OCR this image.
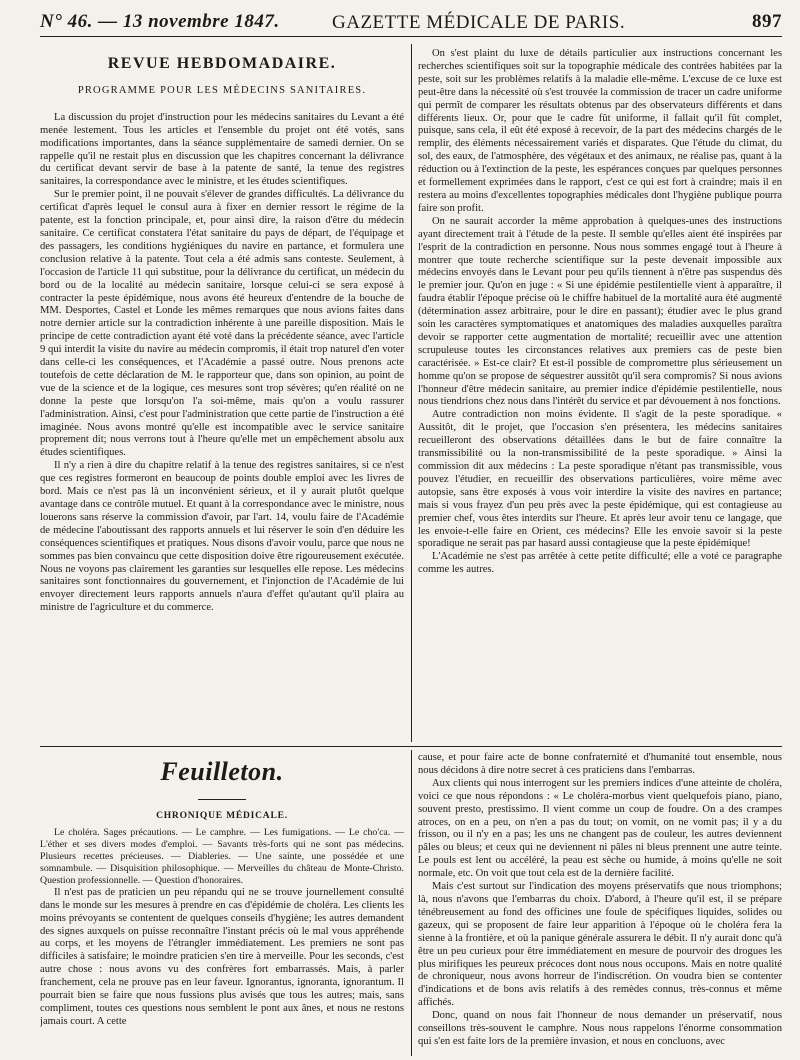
N° 46. — 13 novembre 1847.	GAZETTE MÉDICALE DE PARIS.	897
REVUE HEBDOMADAIRE.
PROGRAMME POUR LES MÉDECINS SANITAIRES.

La discussion du projet d'instruction pour les médecins sanitaires du Levant a été menée lestement. Tous les articles et l'ensemble du projet ont été votés, sans modifications importantes, dans la séance supplémentaire de samedi dernier. On se rappelle qu'il ne restait plus en discussion que les chapitres concernant la délivrance du certificat devant servir de base à la patente de santé, la tenue des registres sanitaires, la correspondance avec le ministre, et les études scientifiques.

Sur le premier point, il ne pouvait s'élever de grandes difficultés. La délivrance du certificat d'après lequel le consul aura à fixer en dernier ressort le régime de la patente, est la fonction principale, et, pour ainsi dire, la raison d'être du médecin sanitaire. Ce certificat constatera l'état sanitaire du pays de départ, de l'équipage et des passagers, les conditions hygiéniques du navire en partance, et formulera une conclusion relative à la patente. Tout cela a été admis sans conteste. Seulement, à l'occasion de l'article 11 qui substitue, pour la délivrance du certificat, un médecin du bord ou de la localité au médecin sanitaire, lorsque celui-ci se sera exposé à contracter la peste épidémique, nous avons été heureux d'entendre de la bouche de MM. Desportes, Castel et Londe les mêmes remarques que nous avions faites dans notre dernier article sur la contradiction inhérente à une pareille disposition. Mais le principe de cette contradiction ayant été voté dans la précédente séance, avec l'article 9 qui interdit la visite du navire au médecin compromis, il était trop naturel d'en voter dans celle-ci les conséquences, et l'Académie a passé outre. Nous prenons acte toutefois de cette déclaration de M. le rapporteur que, dans son opinion, au point de vue de la science et de la logique, ces mesures sont trop sévères; qu'en réalité on ne donne la peste que lorsqu'on l'a soi-même, mais qu'on a voulu rassurer l'administration. Ainsi, c'est pour l'administration que cette partie de l'instruction a été imaginée. Nous avons montré qu'elle est incompatible avec le service sanitaire proprement dit; nous verrons tout à l'heure qu'elle met un empêchement absolu aux études scientifiques.

Il n'y a rien à dire du chapitre relatif à la tenue des registres sanitaires, si ce n'est que ces registres formeront en beaucoup de points double emploi avec les livres de bord. Mais ce n'est pas là un inconvénient sérieux, et il y aurait plutôt quelque avantage dans ce contrôle mutuel. Et quant à la correspondance avec le ministre, nous louerons sans réserve la commission d'avoir, par l'art. 14, voulu faire de l'Académie de médecine l'aboutissant des rapports annuels et lui réserver le soin d'en déduire les conséquences scientifiques et pratiques. Nous disons d'avoir voulu, parce que nous ne sommes pas bien convaincu que cette disposition doive être rigoureusement exécutée. Nous ne voyons pas clairement les garanties sur lesquelles elle repose. Les médecins sanitaires sont fonctionnaires du gouvernement, et l'injonction de l'Académie de lui envoyer directement leurs rapports annuels n'aura d'effet qu'autant qu'il plaira au ministre de l'agriculture et du commerce.

On s'est plaint du luxe de détails particulier aux instructions concernant les recherches scientifiques soit sur la topographie médicale des contrées habitées par la peste, soit sur les problèmes relatifs à la maladie elle-même. L'excuse de ce luxe est peut-être dans la nécessité où s'est trouvée la commission de tracer un cadre uniforme qui permît de comparer les résultats obtenus par des observateurs différents et dans différents lieux. Or, pour que le cadre fût uniforme, il fallait qu'il fût complet, puisque, sans cela, il eût été exposé à recevoir, de la part des médecins chargés de le remplir, des éléments nécessairement variés et disparates. Que l'étude du climat, du sol, des eaux, de l'atmosphère, des végétaux et des animaux, ne réalise pas, quant à la réduction ou à l'extinction de la peste, les espérances conçues par quelques personnes et formellement exprimées dans le rapport, c'est ce qui est fort à craindre; mais il en restera au moins d'excellentes topographies médicales dont l'hygiène publique pourra faire son profit.

On ne saurait accorder la même approbation à quelques-unes des instructions ayant directement trait à l'étude de la peste. Il semble qu'elles aient été inspirées par l'esprit de la contradiction en personne. Nous nous sommes engagé tout à l'heure à montrer que toute recherche scientifique sur la peste devenait impossible aux médecins envoyés dans le Levant pour peu qu'ils tiennent à n'être pas suspendus dès le premier jour. Qu'on en juge : « Si une épidémie pestilentielle vient à apparaître, il faudra établir l'époque précise où le chiffre habituel de la mortalité aura été augmenté (détermination assez arbitraire, pour le dire en passant); étudier avec le plus grand soin les caractères symptomatiques et anatomiques des maladies auxquelles paraîtra devoir se rapporter cette augmentation de mortalité; recueillir avec une attention scrupuleuse toutes les circonstances relatives aux premiers cas de peste bien caractérisée. » Est-ce clair? Et est-il possible de compromettre plus sérieusement un homme qu'on se propose de séquestrer aussitôt qu'il sera compromis? Si nous avions l'honneur d'être médecin sanitaire, au premier indice d'épidémie pestilentielle, nous nous tiendrions chez nous dans l'intérêt du service et par dévouement à nos fonctions.

Autre contradiction non moins évidente. Il s'agit de la peste sporadique. « Aussitôt, dit le projet, que l'occasion s'en présentera, les médecins sanitaires recueilleront des observations détaillées dans le but de faire connaître la transmissibilité ou la non-transmissibilité de la peste sporadique. » Ainsi la commission dit aux médecins : La peste sporadique n'étant pas transmissible, vous pouvez l'étudier, en recueillir des observations particulières, voire même avec autopsie, sans être exposés à vous voir interdire la visite des navires en partance; mais si vous frayez d'un peu près avec la peste épidémique, qui est contagieuse au premier chef, vous êtes interdits sur l'heure. Et après leur avoir tenu ce langage, que les envoie-t-elle faire en Orient, ces médecins? Elle les envoie savoir si la peste sporadique ne serait pas par hasard aussi contagieuse que la peste épidémique!

L'Académie ne s'est pas arrêtée à cette petite difficulté; elle a voté ce paragraphe comme les autres.

Feuilleton.
CHRONIQUE MÉDICALE.

Le choléra. Sages précautions. — Le camphre. — Les fumigations. — Le cho'ca. — L'éther et ses divers modes d'emploi. — Savants très-forts qui ne sont pas médecins. Plusieurs recettes précieuses. — Diableries. — Une sainte, une possédée et une somnambule. — Disquisition philosophique. — Merveilles du château de Monte-Christo. Question professionnelle. — Question d'honoraires.

Il n'est pas de praticien un peu répandu qui ne se trouve journellement consulté dans le monde sur les mesures à prendre en cas d'épidémie de choléra. Les clients les moins prévoyants se contentent de quelques conseils d'hygiène; les autres demandent des signes auxquels on puisse reconnaître l'instant précis où le mal vous appréhende au corps, et les moyens de l'étrangler immédiatement. Les premiers ne sont pas difficiles à satisfaire; le moindre praticien s'en tire à merveille. Pour les seconds, c'est autre chose : nous avons vu des confrères fort embarrassés. Mais, à parler franchement, cela ne prouve pas en leur faveur. Ignorantus, ignoranta, ignorantum. Il pourrait bien se faire que nous fussions plus avisés que tous les autres; mais, sans compliment, toutes ces questions nous semblent le pont aux ânes, et nous ne restons jamais court. A cette

cause, et pour faire acte de bonne confraternité et d'humanité tout ensemble, nous nous décidons à dire notre secret à ces praticiens dans l'embarras.

Aux clients qui nous interrogent sur les premiers indices d'une atteinte de choléra, voici ce que nous répondons : « Le choléra-morbus vient quelquefois piano, piano, souvent presto, prestissimo. Il vient comme un coup de foudre. On a des crampes atroces, on en a peu, on n'en a pas du tout; on vomit, on ne vomit pas; il y a du frisson, ou il n'y en a pas; les uns ne changent pas de couleur, les autres deviennent pâles ou bleus; et ceux qui ne deviennent ni pâles ni bleus prennent une autre teinte. Le pouls est lent ou accéléré, la peau est sèche ou humide, à moins qu'elle ne soit normale, etc. On voit que tout cela est de la dernière facilité.

Mais c'est surtout sur l'indication des moyens préservatifs que nous triomphons; là, nous n'avons que l'embarras du choix. D'abord, à l'heure qu'il est, il se prépare ténébreusement au fond des officines une foule de spécifiques liquides, solides ou gazeux, qui se proposent de faire leur apparition à l'époque où le choléra fera la sienne à la frontière, et où la panique générale assurera le débit. Il n'y aurait donc qu'à être un peu curieux pour être immédiatement en mesure de pourvoir des drogues les plus mirifiques les peureux précoces dont nous nous occupons. Mais en notre qualité de chroniqueur, nous avons horreur de l'indiscrétion. On voudra bien se contenter d'indications et de bons avis relatifs à des remèdes connus, très-connus et même affichés.

Donc, quand on nous fait l'honneur de nous demander un préservatif, nous conseillons très-souvent le camphre. Nous nous rappelons l'énorme consommation qui s'en est faite lors de la première invasion, et nous en concluons, avec
